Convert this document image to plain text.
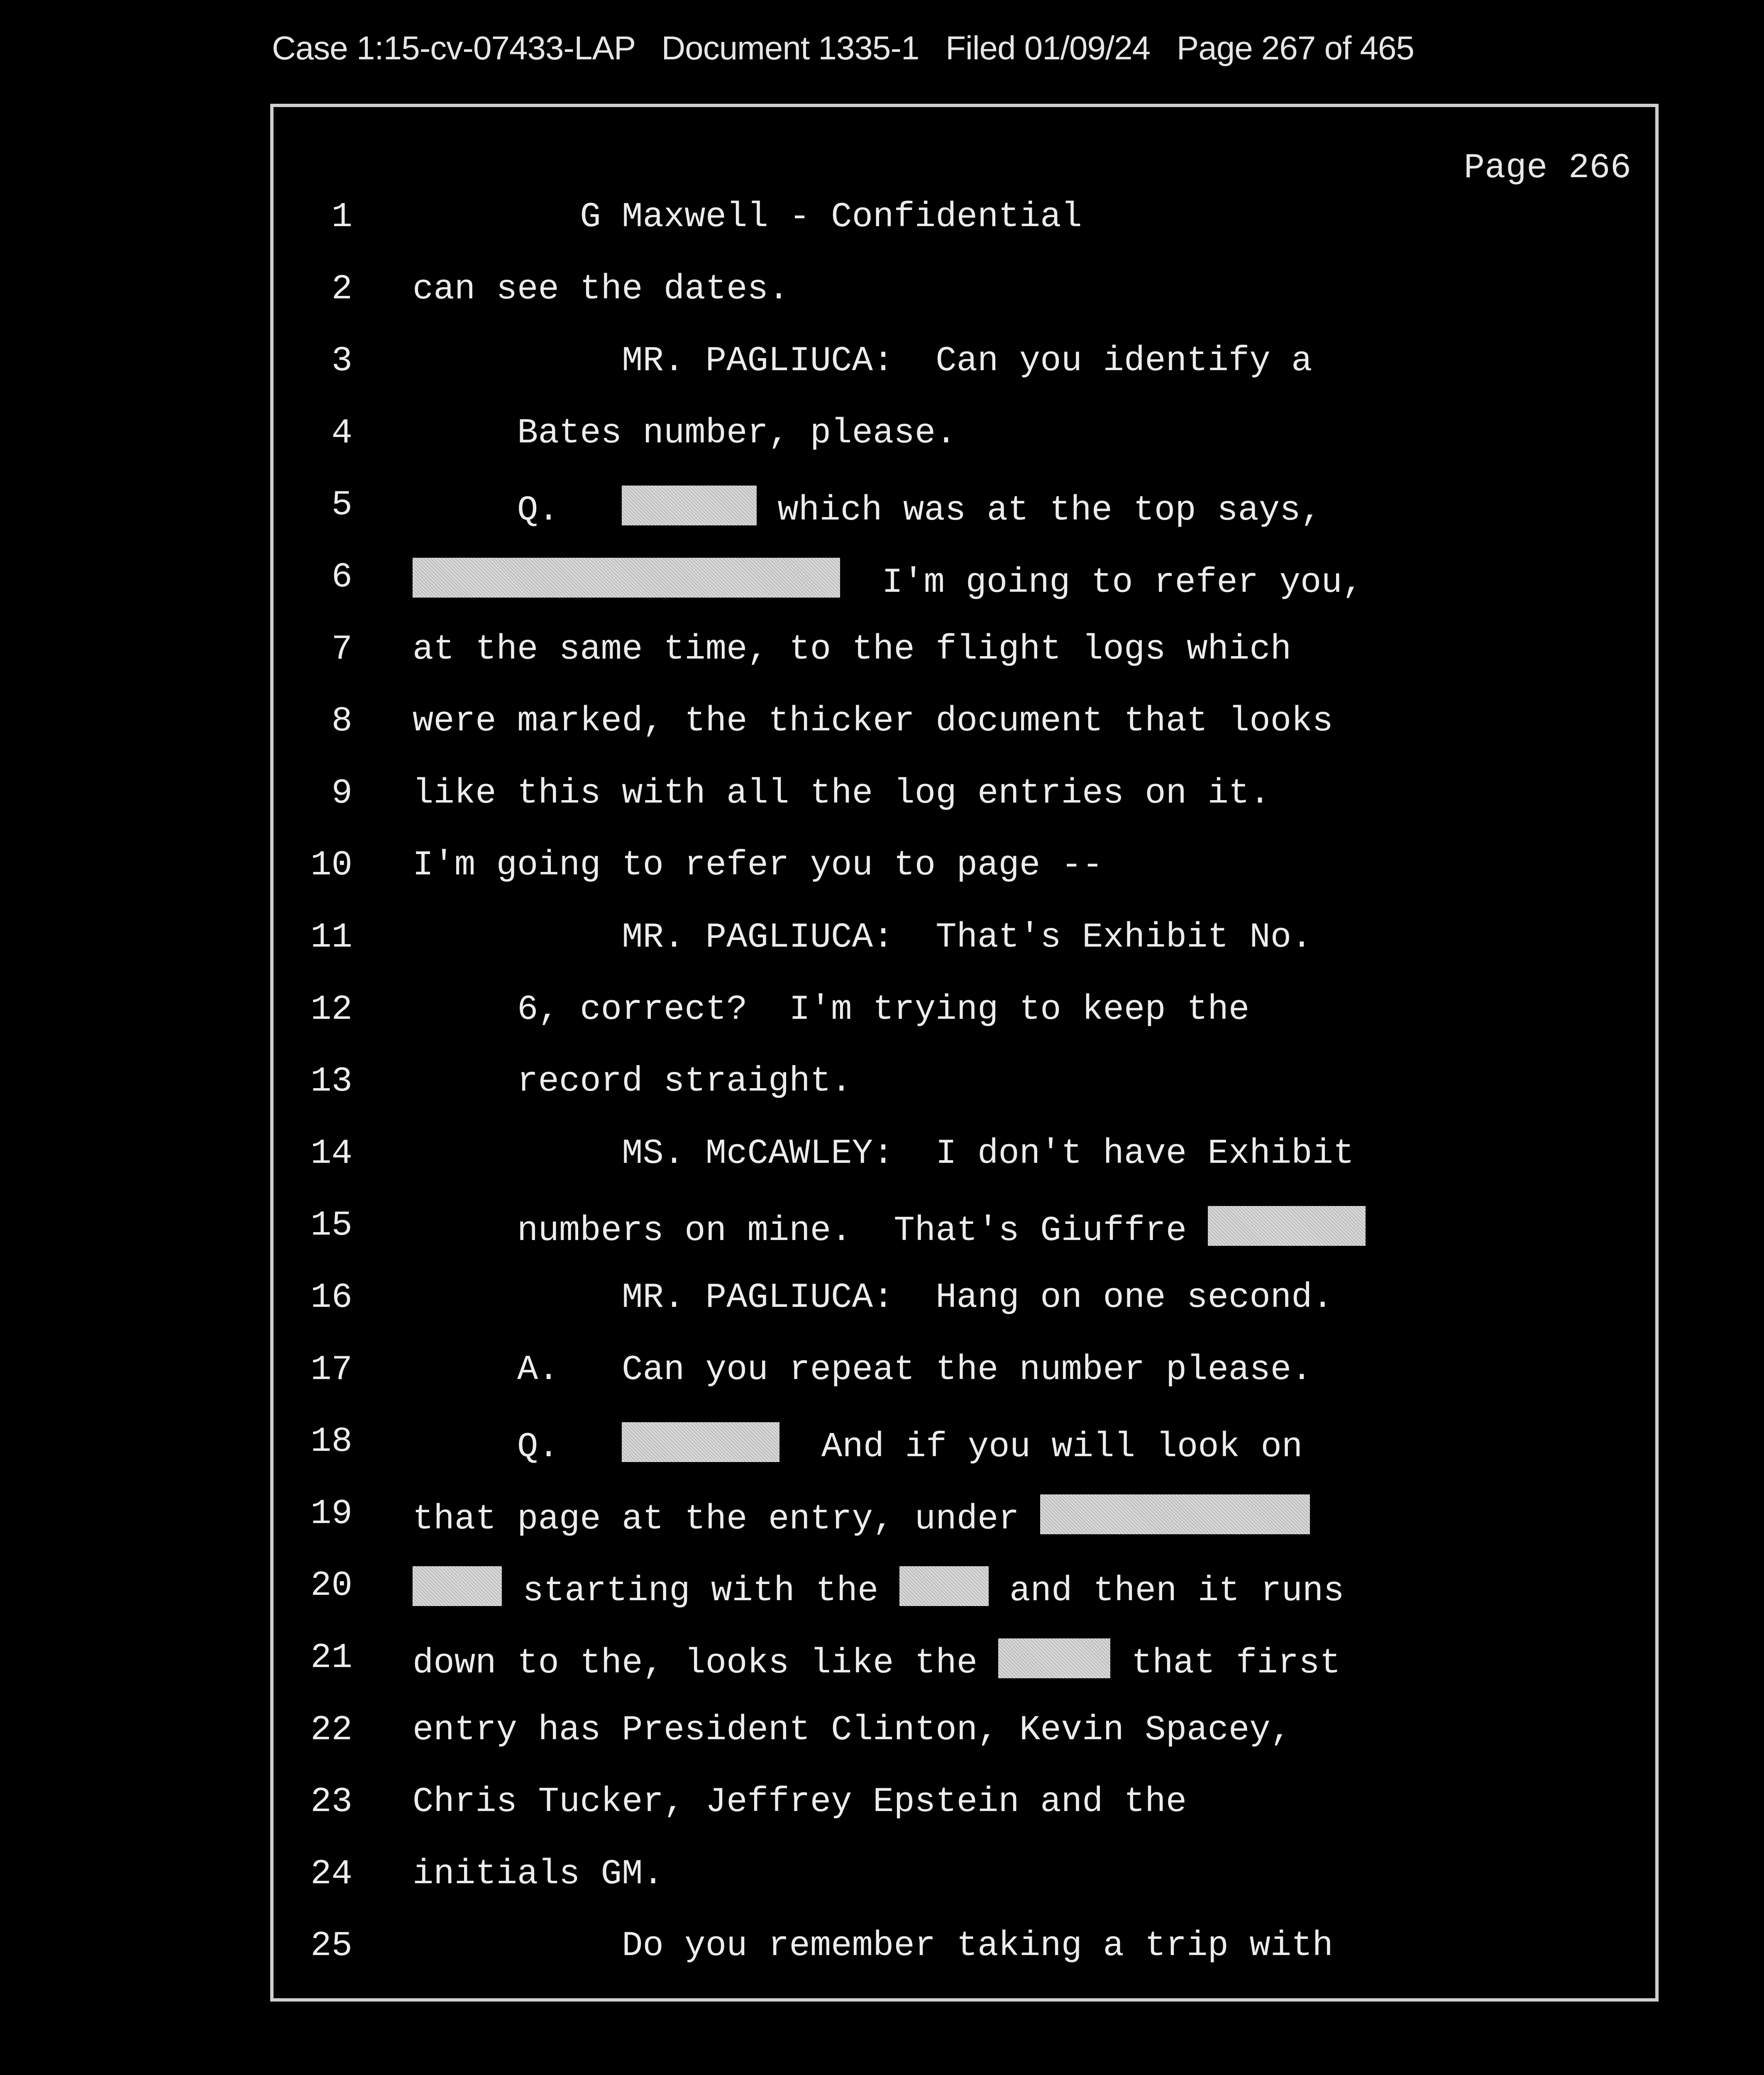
Case 1:15-cv-07433-LAP   Document 1335-1   Filed 01/09/24   Page 267 of 465
Page 266
1 G Maxwell - Confidential
2 can see the dates.
3 MR. PAGLIUCA:  Can you identify a
4 Bates number, please.
5 Q.	which was at the top says,
6	I'm going to refer you,
7 at the same time, to the flight logs which
8 were marked, the thicker document that looks
9 like this with all the log entries on it.
10 I'm going to refer you to page --
11 MR. PAGLIUCA:  That's Exhibit No.
12 6, correct?  I'm trying to keep the
13 record straight.
14 MS. McCAWLEY:  I don't have Exhibit
15 numbers on mine.  That's Giuffre
16 MR. PAGLIUCA:  Hang on one second.
17 A.   Can you repeat the number please.
18 Q.	And if you will look on
19 that page at the entry, under
20	starting with the	and then it runs
21 down to the, looks like the	that first
22 entry has President Clinton, Kevin Spacey,
23 Chris Tucker, Jeffrey Epstein and the
24 initials GM.
25 Do you remember taking a trip with
